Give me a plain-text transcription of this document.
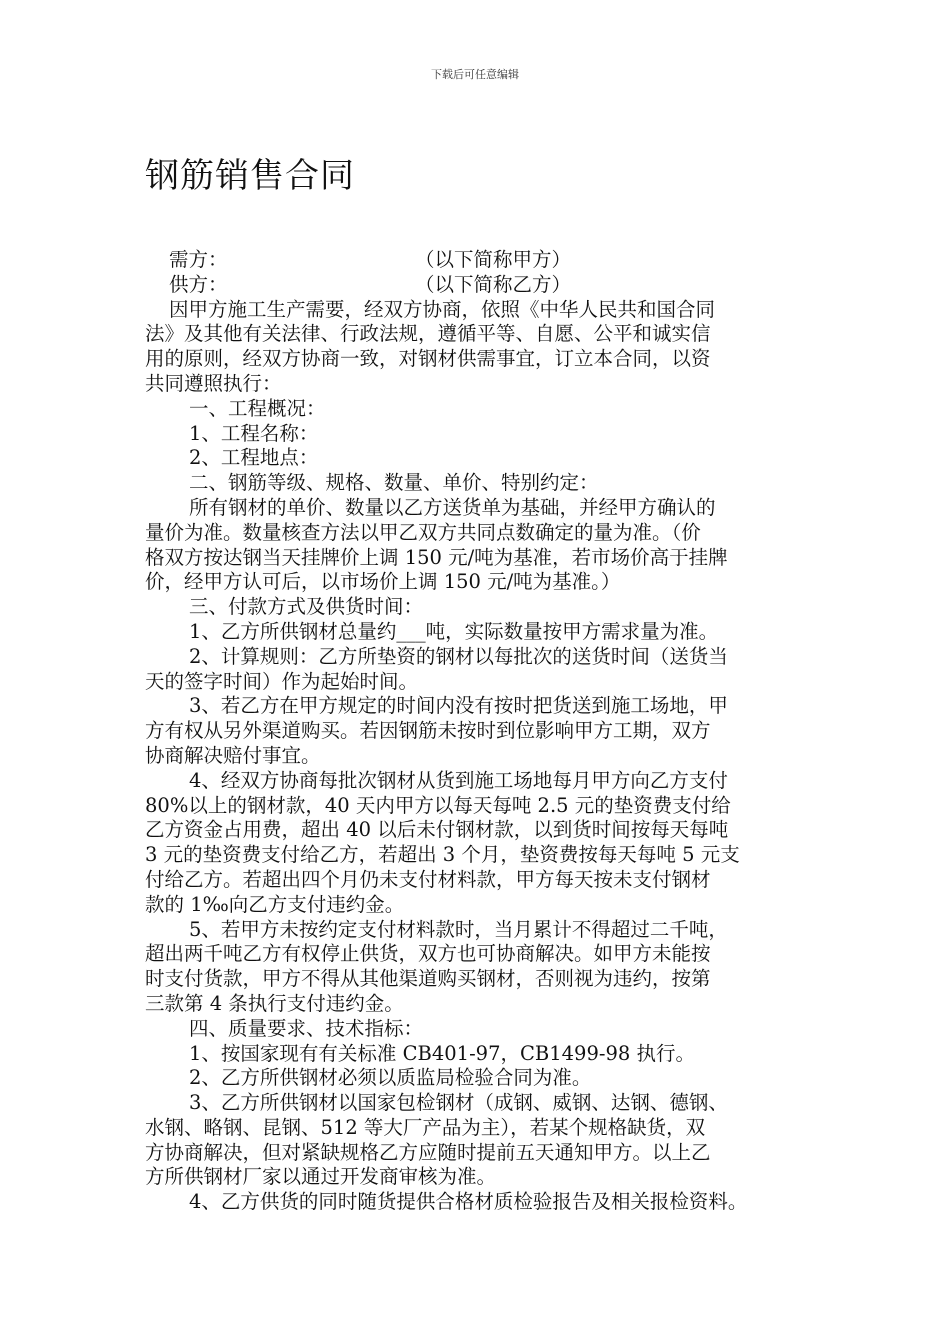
下载后可任意编辑
钢筋销售合同
需方：	（以下简称甲方）
供方：	（以下简称乙方）
因甲方施工生产需要，经双方协商，依照《中华人民共和国合同
法》及其他有关法律、行政法规，遵循平等、自愿、公平和诚实信
用的原则，经双方协商一致，对钢材供需事宜，订立本合同，以资
共同遵照执行：
一、工程概况：
1、工程名称：
2、工程地点：
二、钢筋等级、规格、数量、单价、特别约定：
所有钢材的单价、数量以乙方送货单为基础，并经甲方确认的
量价为准。数量核查方法以甲乙双方共同点数确定的量为准。（价
格双方按达钢当天挂牌价上调 150 元/吨为基准，若市场价高于挂牌
价，经甲方认可后，以市场价上调 150 元/吨为基准。）
三、付款方式及供货时间：
1、乙方所供钢材总量约___吨，实际数量按甲方需求量为准。
2、计算规则：乙方所垫资的钢材以每批次的送货时间（送货当
天的签字时间）作为起始时间。
3、若乙方在甲方规定的时间内没有按时把货送到施工场地，甲
方有权从另外渠道购买。若因钢筋未按时到位影响甲方工期，双方
协商解决赔付事宜。
4、经双方协商每批次钢材从货到施工场地每月甲方向乙方支付
80%以上的钢材款，40 天内甲方以每天每吨 2.5 元的垫资费支付给
乙方资金占用费，超出 40 以后未付钢材款，以到货时间按每天每吨
3 元的垫资费支付给乙方，若超出 3 个月，垫资费按每天每吨 5 元支
付给乙方。若超出四个月仍未支付材料款，甲方每天按未支付钢材
款的 1‰向乙方支付违约金。
5、若甲方未按约定支付材料款时，当月累计不得超过二千吨，
超出两千吨乙方有权停止供货，双方也可协商解决。如甲方未能按
时支付货款，甲方不得从其他渠道购买钢材，否则视为违约，按第
三款第 4 条执行支付违约金。
四、质量要求、技术指标：
1、按国家现有有关标准 CB401-97，CB1499-98 执行。
2、乙方所供钢材必须以质监局检验合同为准。
3、乙方所供钢材以国家包检钢材（成钢、威钢、达钢、德钢、
水钢、略钢、昆钢、512 等大厂产品为主），若某个规格缺货，双
方协商解决，但对紧缺规格乙方应随时提前五天通知甲方。以上乙
方所供钢材厂家以通过开发商审核为准。
4、乙方供货的同时随货提供合格材质检验报告及相关报检资料。
